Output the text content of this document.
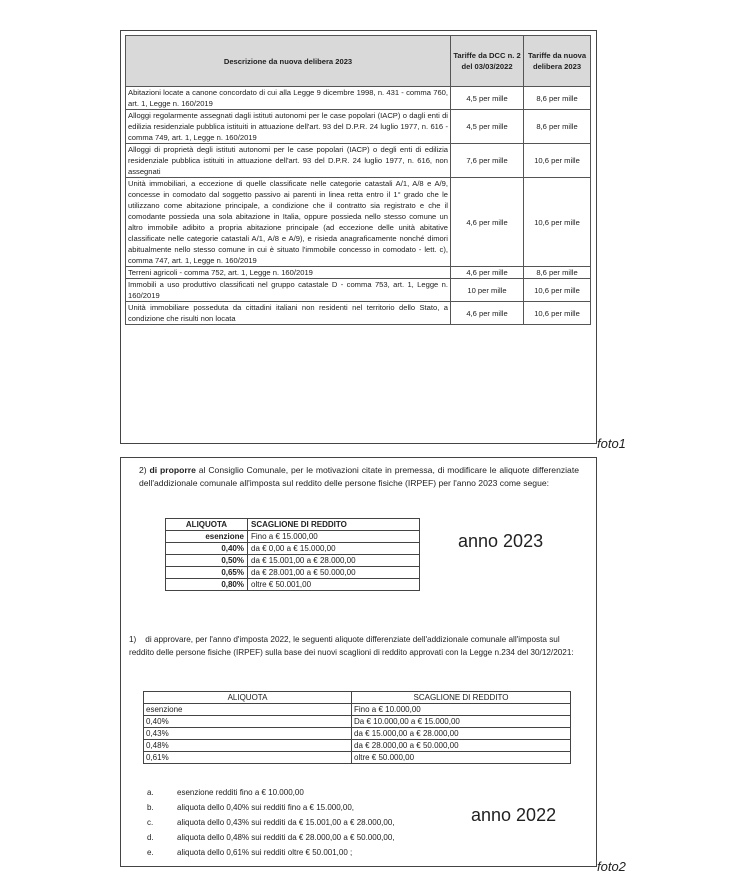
Descrizione da nuova delibera 2023	Tariffe da DCC n. 2 del 03/03/2022	Tariffe da nuova delibera 2023
Abitazioni locate a canone concordato di cui alla Legge 9 dicembre 1998, n. 431 - comma 760, art. 1, Legge n. 160/2019	4,5 per mille	8,6 per mille
Alloggi regolarmente assegnati dagli istituti autonomi per le case popolari (IACP) o dagli enti di edilizia residenziale pubblica istituiti in attuazione dell'art. 93 del D.P.R. 24 luglio 1977, n. 616 - comma 749, art. 1, Legge n. 160/2019	4,5 per mille	8,6 per mille
Alloggi di proprietà degli istituti autonomi per le case popolari (IACP) o degli enti di edilizia residenziale pubblica istituiti in attuazione dell'art. 93 del D.P.R. 24 luglio 1977, n. 616, non assegnati	7,6 per mille	10,6 per mille
Unità immobiliari, a eccezione di quelle classificate nelle categorie catastali A/1, A/8 e A/9, concesse in comodato dal soggetto passivo ai parenti in linea retta entro il 1° grado che le utilizzano come abitazione principale, a condizione che il contratto sia registrato e che il comodante possieda una sola abitazione in Italia, oppure possieda nello stesso comune un altro immobile adibito a propria abitazione principale (ad eccezione delle unità abitative classificate nelle categorie catastali A/1, A/8 e A/9), e risieda anagraficamente nonché dimori abitualmente nello stesso comune in cui è situato l'immobile concesso in comodato - lett. c), comma 747, art. 1, Legge n. 160/2019	4,6 per mille	10,6 per mille
Terreni agricoli - comma 752, art. 1, Legge n. 160/2019	4,6 per mille	8,6 per mille
Immobili a uso produttivo classificati nel gruppo catastale D - comma 753, art. 1, Legge n. 160/2019	10 per mille	10,6 per mille
Unità immobiliare posseduta da cittadini italiani non residenti nel territorio dello Stato, a condizione che risulti non locata	4,6 per mille	10,6 per mille
foto1
2) di proporre al Consiglio Comunale, per le motivazioni citate in premessa, di modificare le aliquote differenziate dell'addizionale comunale all'imposta sul reddito delle persone fisiche (IRPEF) per l'anno 2023 come segue:
ALIQUOTA	SCAGLIONE DI REDDITO
esenzione	Fino a € 15.000,00
0,40%	da € 0,00 a € 15.000,00
0,50%	da € 15.001,00 a € 28.000,00
0,65%	da € 28.001,00 a € 50.000,00
0,80%	oltre € 50.001,00
anno 2023
1) di approvare, per l'anno d'imposta 2022, le seguenti aliquote differenziate dell'addizionale comunale all'imposta sul reddito delle persone fisiche (IRPEF) sulla base dei nuovi scaglioni di reddito approvati con la Legge n.234 del 30/12/2021:
ALIQUOTA	SCAGLIONE DI REDDITO
esenzione	Fino a € 10.000,00
0,40%	Da € 10.000,00 a € 15.000,00
0,43%	da € 15.000,00 a € 28.000,00
0,48%	da € 28.000,00 a € 50.000,00
0,61%	oltre € 50.000,00
a.	esenzione redditi fino a € 10.000,00
b.	aliquota dello 0,40% sui redditi fino a € 15.000,00,
c.	aliquota dello 0,43% sui redditi da € 15.001,00 a € 28.000,00,
d.	aliquota dello 0,48% sui redditi da € 28.000,00 a € 50.000,00,
e.	aliquota dello 0,61% sui redditi oltre € 50.001,00 ;
anno 2022
foto2
